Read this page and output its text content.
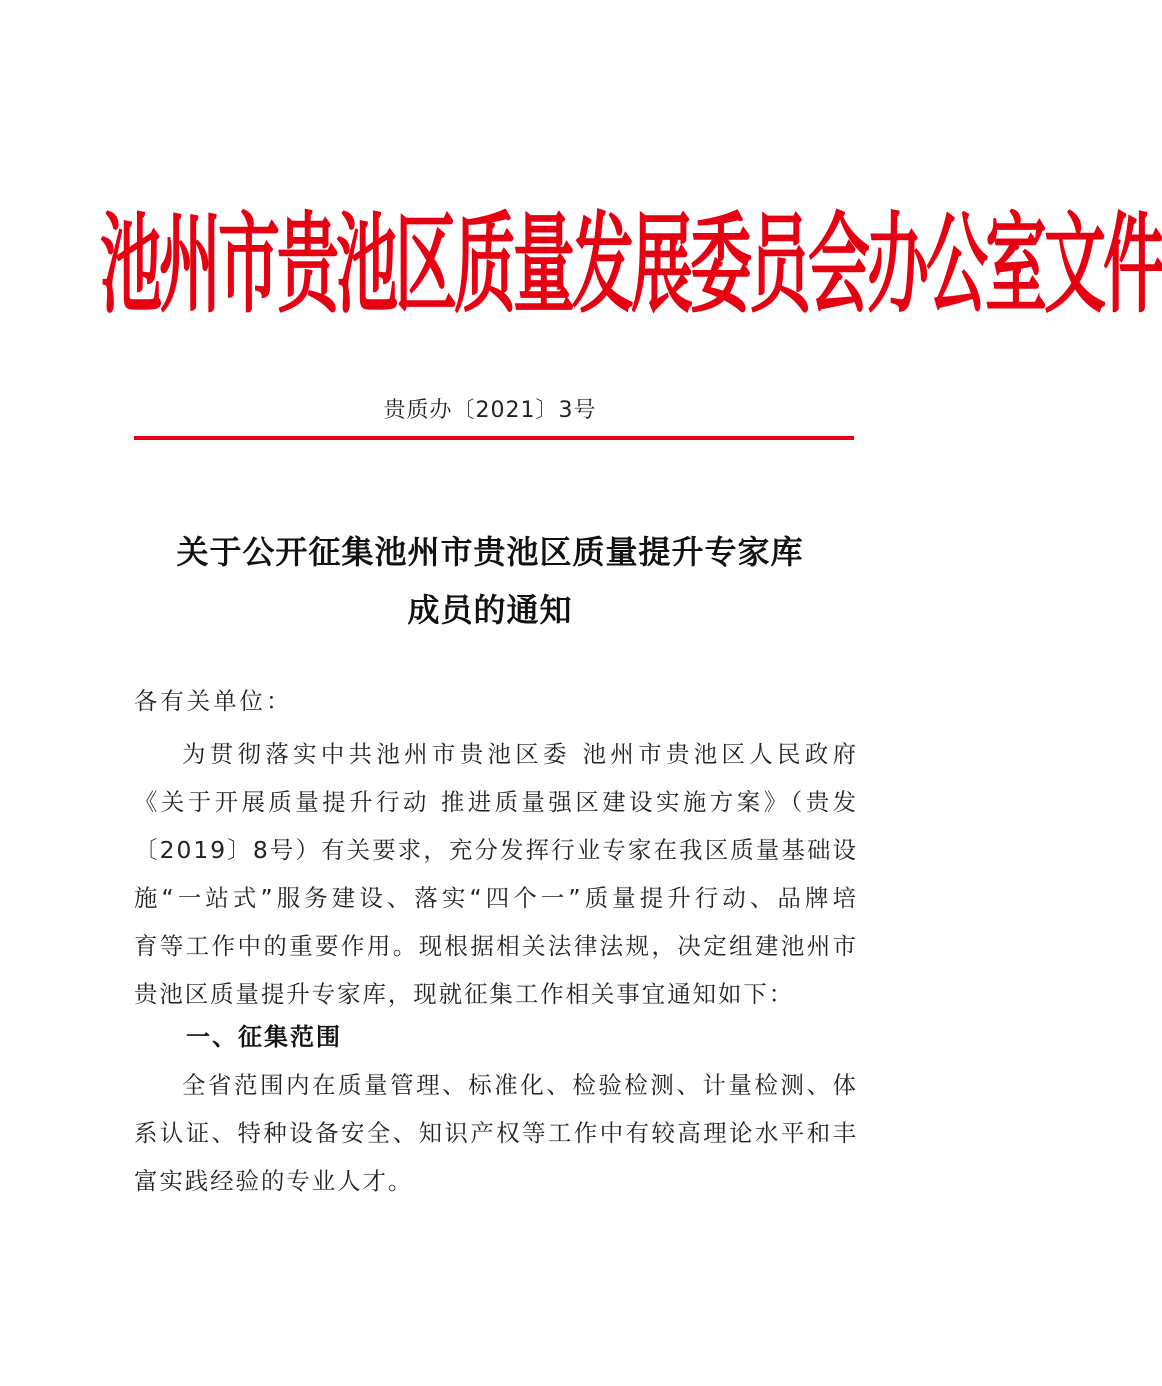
池州市贵池区质量发展委员会办公室文件
贵质办〔2021〕3号
关于公开征集池州市贵池区质量提升专家库
成员的通知
各有关单位：
为贯彻落实中共池州市贵池区委 池州市贵池区人民政府
《关于开展质量提升行动 推进质量强区建设实施方案》（贵发
〔2019〕8号）有关要求，充分发挥行业专家在我区质量基础设
施“一站式”服务建设、落实“四个一”质量提升行动、品牌培
育等工作中的重要作用。现根据相关法律法规，决定组建池州市
贵池区质量提升专家库，现就征集工作相关事宜通知如下：
一、征集范围
全省范围内在质量管理、标准化、检验检测、计量检测、体
系认证、特种设备安全、知识产权等工作中有较高理论水平和丰
富实践经验的专业人才。
